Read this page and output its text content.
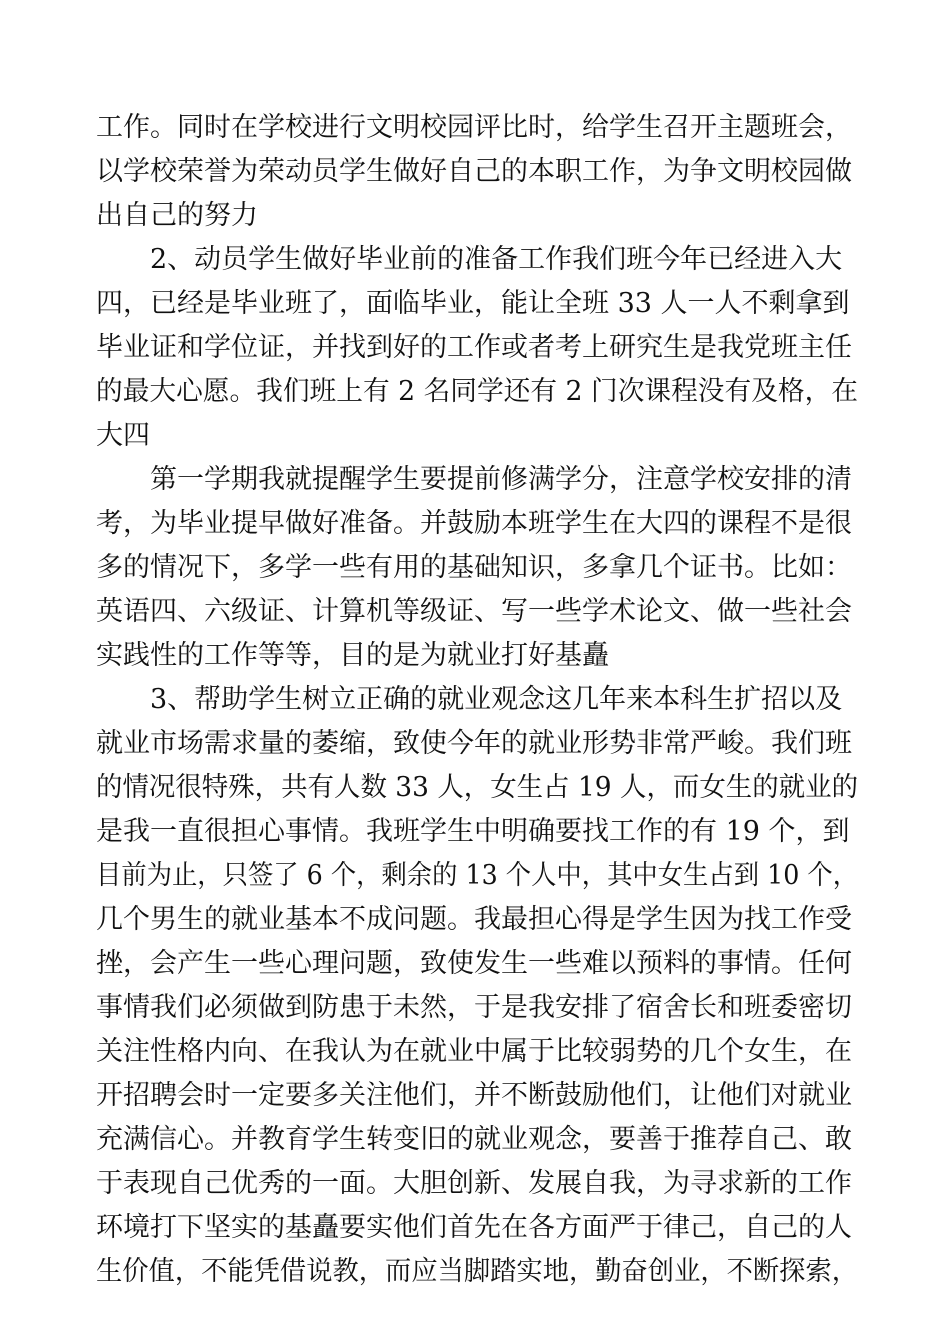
工作。同时在学校进行文明校园评比时，给学生召开主题班会，
以学校荣誉为荣动员学生做好自己的本职工作，为争文明校园做
出自己的努力
2、动员学生做好毕业前的准备工作我们班今年已经进入大
四，已经是毕业班了，面临毕业，能让全班 33 人一人不剩拿到
毕业证和学位证，并找到好的工作或者考上研究生是我党班主任
的最大心愿。我们班上有 2 名同学还有 2 门次课程没有及格，在
大四
第一学期我就提醒学生要提前修满学分，注意学校安排的清
考，为毕业提早做好准备。并鼓励本班学生在大四的课程不是很
多的情况下，多学一些有用的基础知识，多拿几个证书。比如：
英语四、六级证、计算机等级证、写一些学术论文、做一些社会
实践性的工作等等，目的是为就业打好基矗
3、帮助学生树立正确的就业观念这几年来本科生扩招以及
就业市场需求量的萎缩，致使今年的就业形势非常严峻。我们班
的情况很特殊，共有人数 33 人，女生占 19 人，而女生的就业的
是我一直很担心事情。我班学生中明确要找工作的有 19 个，到
目前为止，只签了 6 个，剩余的 13 个人中，其中女生占到 10 个，
几个男生的就业基本不成问题。我最担心得是学生因为找工作受
挫，会产生一些心理问题，致使发生一些难以预料的事情。任何
事情我们必须做到防患于未然，于是我安排了宿舍长和班委密切
关注性格内向、在我认为在就业中属于比较弱势的几个女生，在
开招聘会时一定要多关注他们，并不断鼓励他们，让他们对就业
充满信心。并教育学生转变旧的就业观念，要善于推荐自己、敢
于表现自己优秀的一面。大胆创新、发展自我，为寻求新的工作
环境打下坚实的基矗要实他们首先在各方面严于律己，自己的人
生价值，不能凭借说教，而应当脚踏实地，勤奋创业，不断探索，
